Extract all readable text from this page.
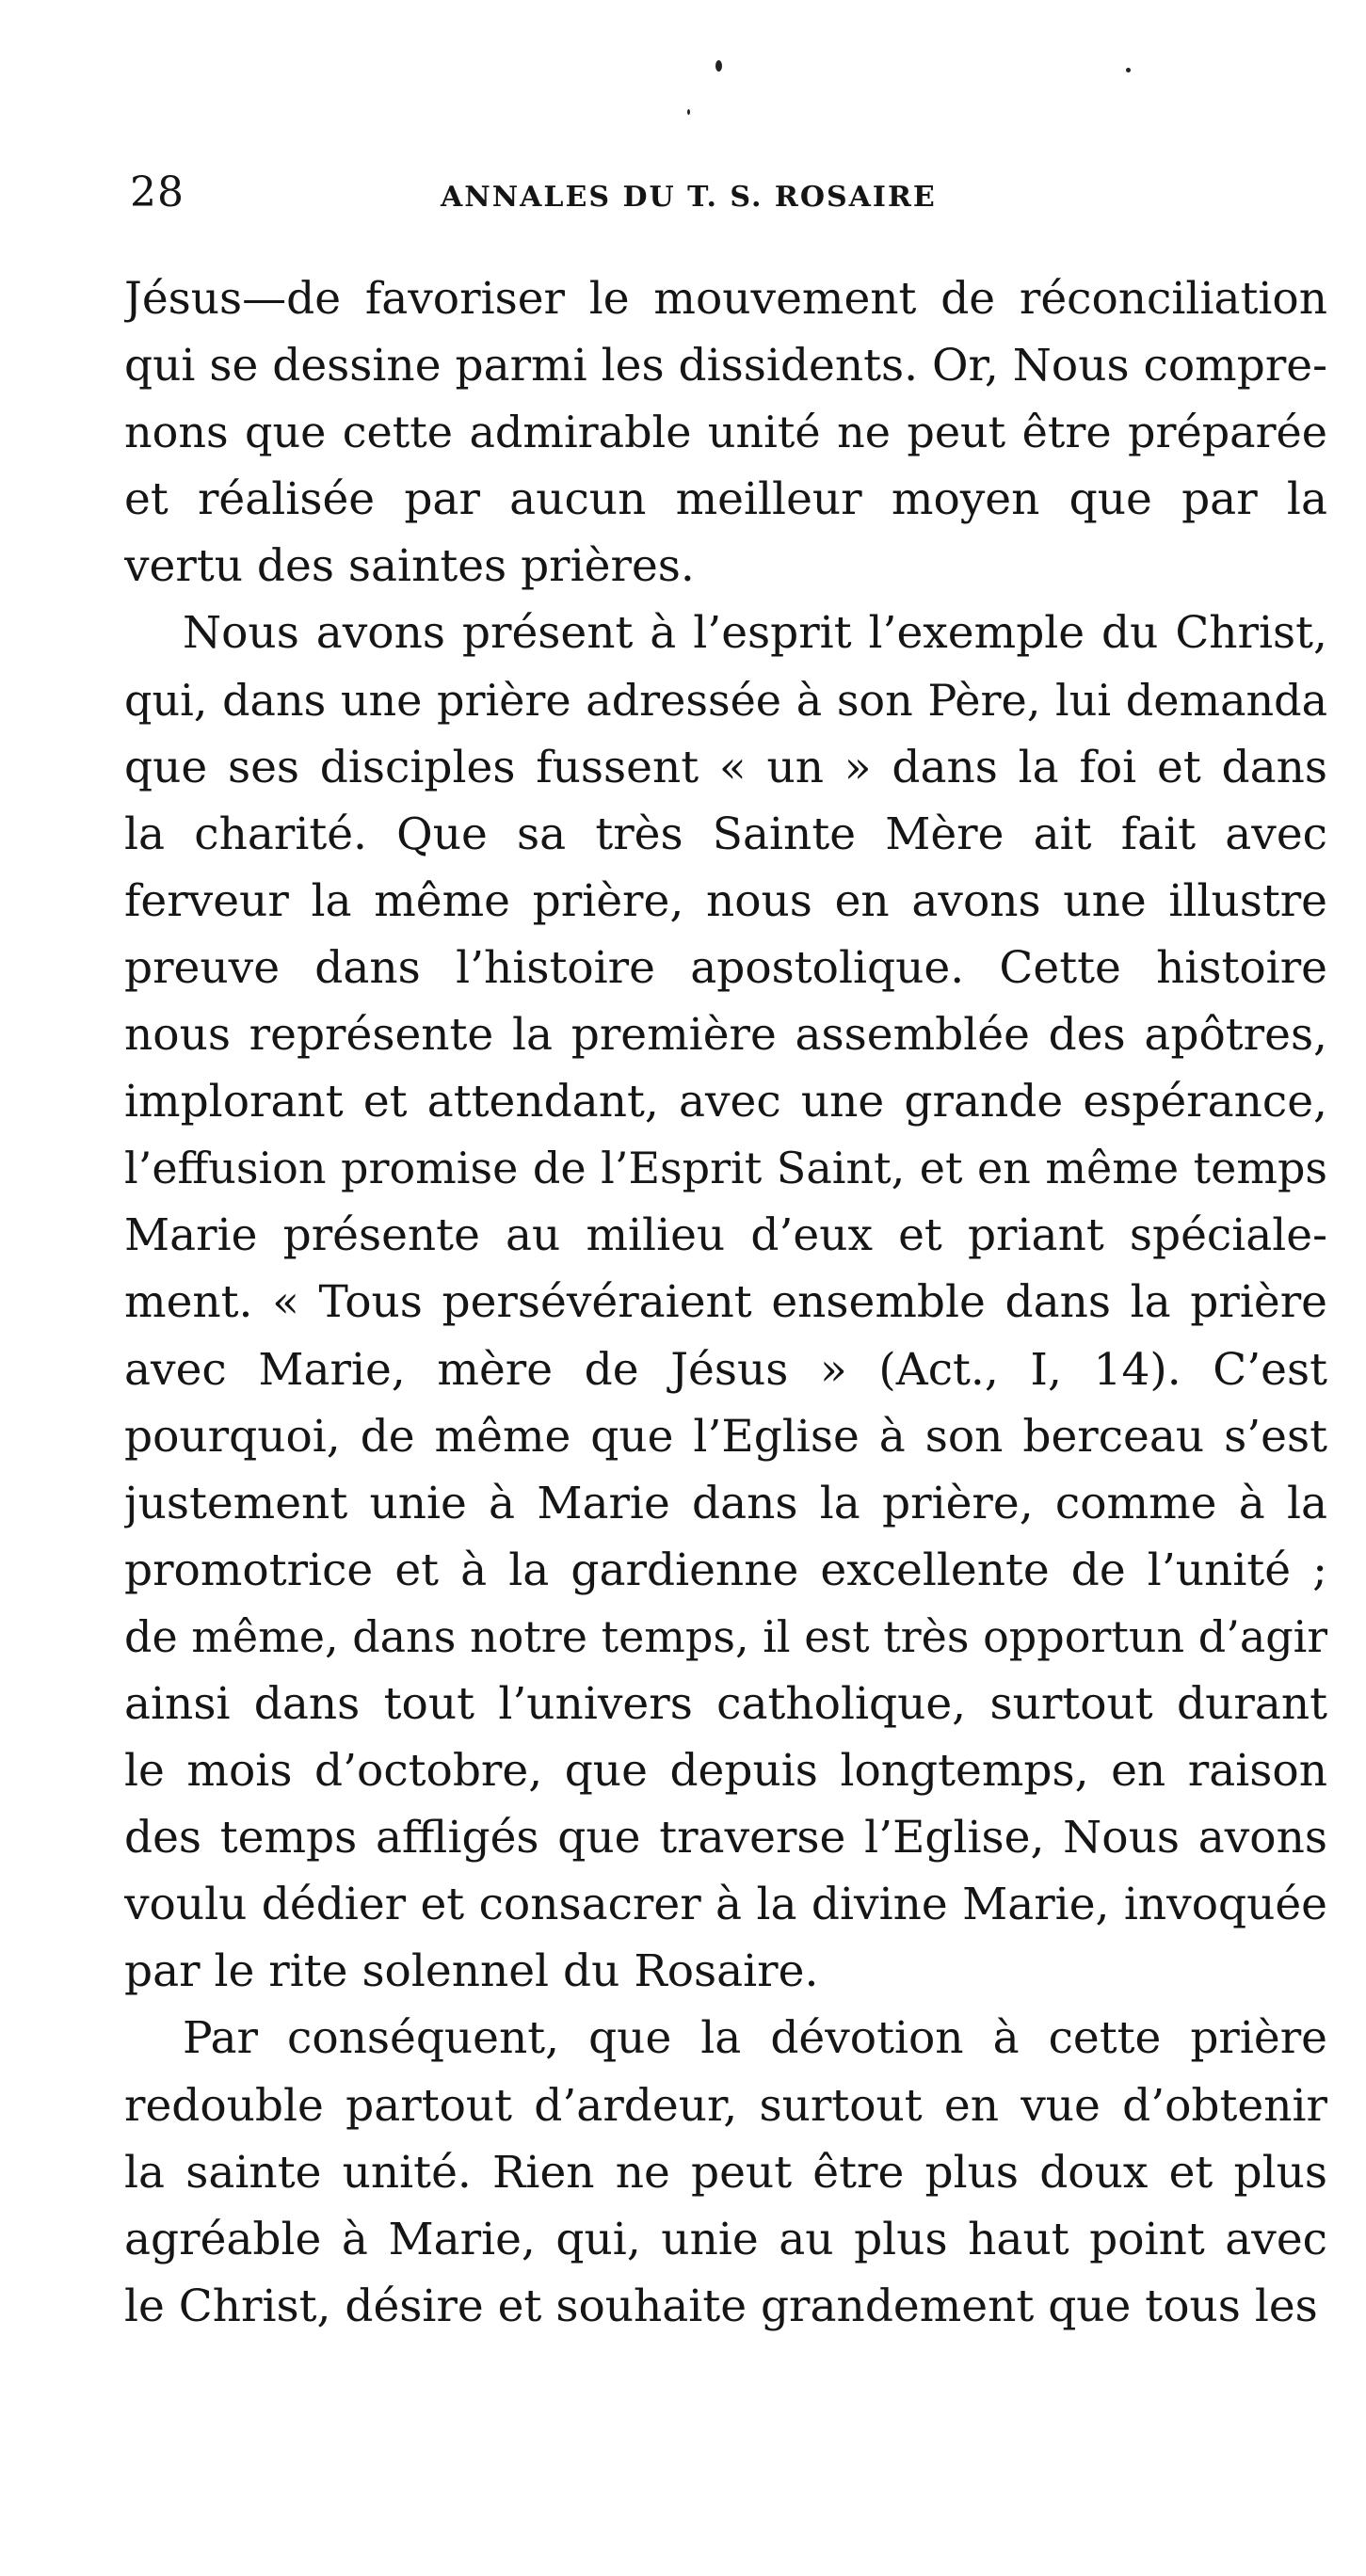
28	ANNALES DU T. S. ROSAIRE
Jésus—de favoriser le mouvement de réconciliation
qui se dessine parmi les dissidents. Or, Nous compre-
nons que cette admirable unité ne peut être préparée
et réalisée par aucun meilleur moyen que par la
vertu des saintes prières.
Nous avons présent à l’esprit l’exemple du Christ,
qui, dans une prière adressée à son Père, lui demanda
que ses disciples fussent « un » dans la foi et dans
la charité. Que sa très Sainte Mère ait fait avec
ferveur la même prière, nous en avons une illustre
preuve dans l’histoire apostolique. Cette histoire
nous représente la première assemblée des apôtres,
implorant et attendant, avec une grande espérance,
l’effusion promise de l’Esprit Saint, et en même temps
Marie présente au milieu d’eux et priant spéciale-
ment. « Tous persévéraient ensemble dans la prière
avec Marie, mère de Jésus » (Act., I, 14). C’est
pourquoi, de même que l’Eglise à son berceau s’est
justement unie à Marie dans la prière, comme à la
promotrice et à la gardienne excellente de l’unité ;
de même, dans notre temps, il est très opportun d’agir
ainsi dans tout l’univers catholique, surtout durant
le mois d’octobre, que depuis longtemps, en raison
des temps affligés que traverse l’Eglise, Nous avons
voulu dédier et consacrer à la divine Marie, invoquée
par le rite solennel du Rosaire.
Par conséquent, que la dévotion à cette prière
redouble partout d’ardeur, surtout en vue d’obtenir
la sainte unité. Rien ne peut être plus doux et plus
agréable à Marie, qui, unie au plus haut point avec
le Christ, désire et souhaite grandement que tous les
